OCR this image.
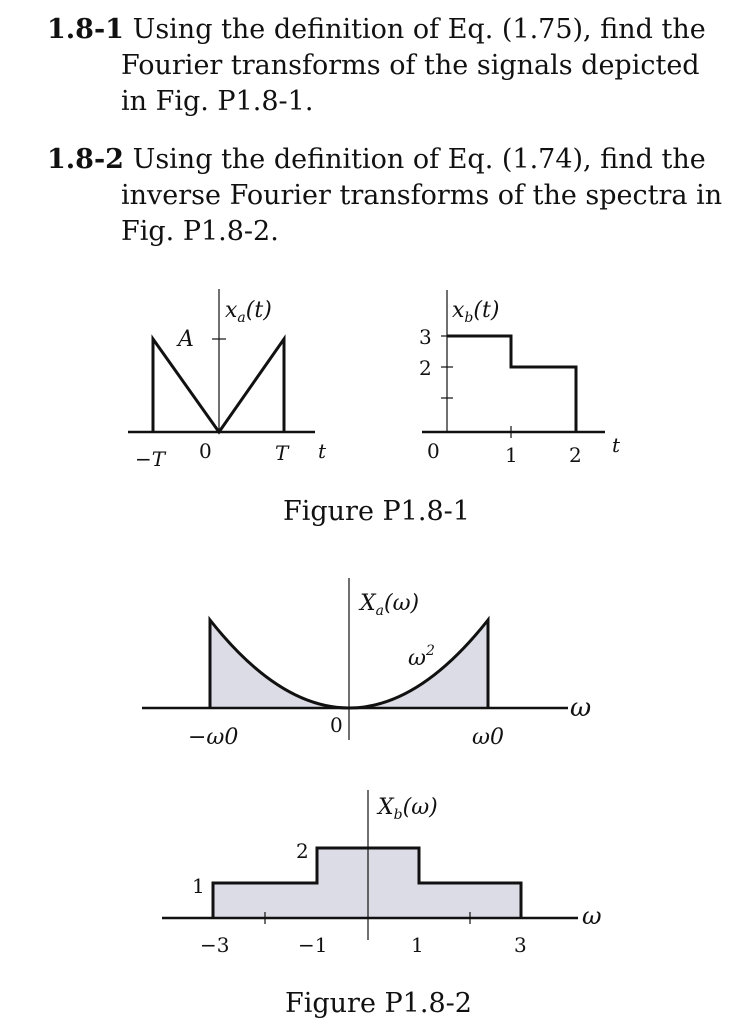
1.8-1 Using the definition of Eq. (1.75), find the
Fourier transforms of the signals depicted
in Fig. P1.8-1.
1.8-2 Using the definition of Eq. (1.74), find the
inverse Fourier transforms of the spectra in
Fig. P1.8-2.
$x_a(t)$
A
−T 0	T t
$x_b(t)$
3
2
0	1	2 t
Figure P1.8-1
$X_a(\omega)$
$\omega^2$
−ω0	0	ω0
ω
$X_b(\omega)$
2
1
−3	−1	1	3
ω
Figure P1.8-2
